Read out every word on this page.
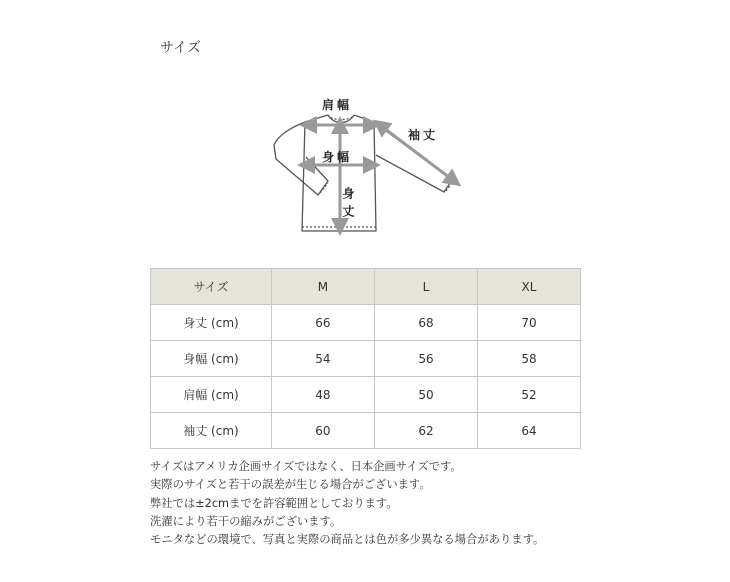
サイズ
肩幅
袖丈
身幅
身丈
サイズ	M	L	XL
身丈 (cm)	66	68	70
身幅 (cm)	54	56	58
肩幅 (cm)	48	50	52
袖丈 (cm)	60	62	64

サイズはアメリカ企画サイズではなく、日本企画サイズです。

実際のサイズと若干の誤差が生じる場合がございます。

弊社では±2cmまでを許容範囲としております。

洗濯により若干の縮みがございます。

モニタなどの環境で、写真と実際の商品とは色が多少異なる場合があります。
